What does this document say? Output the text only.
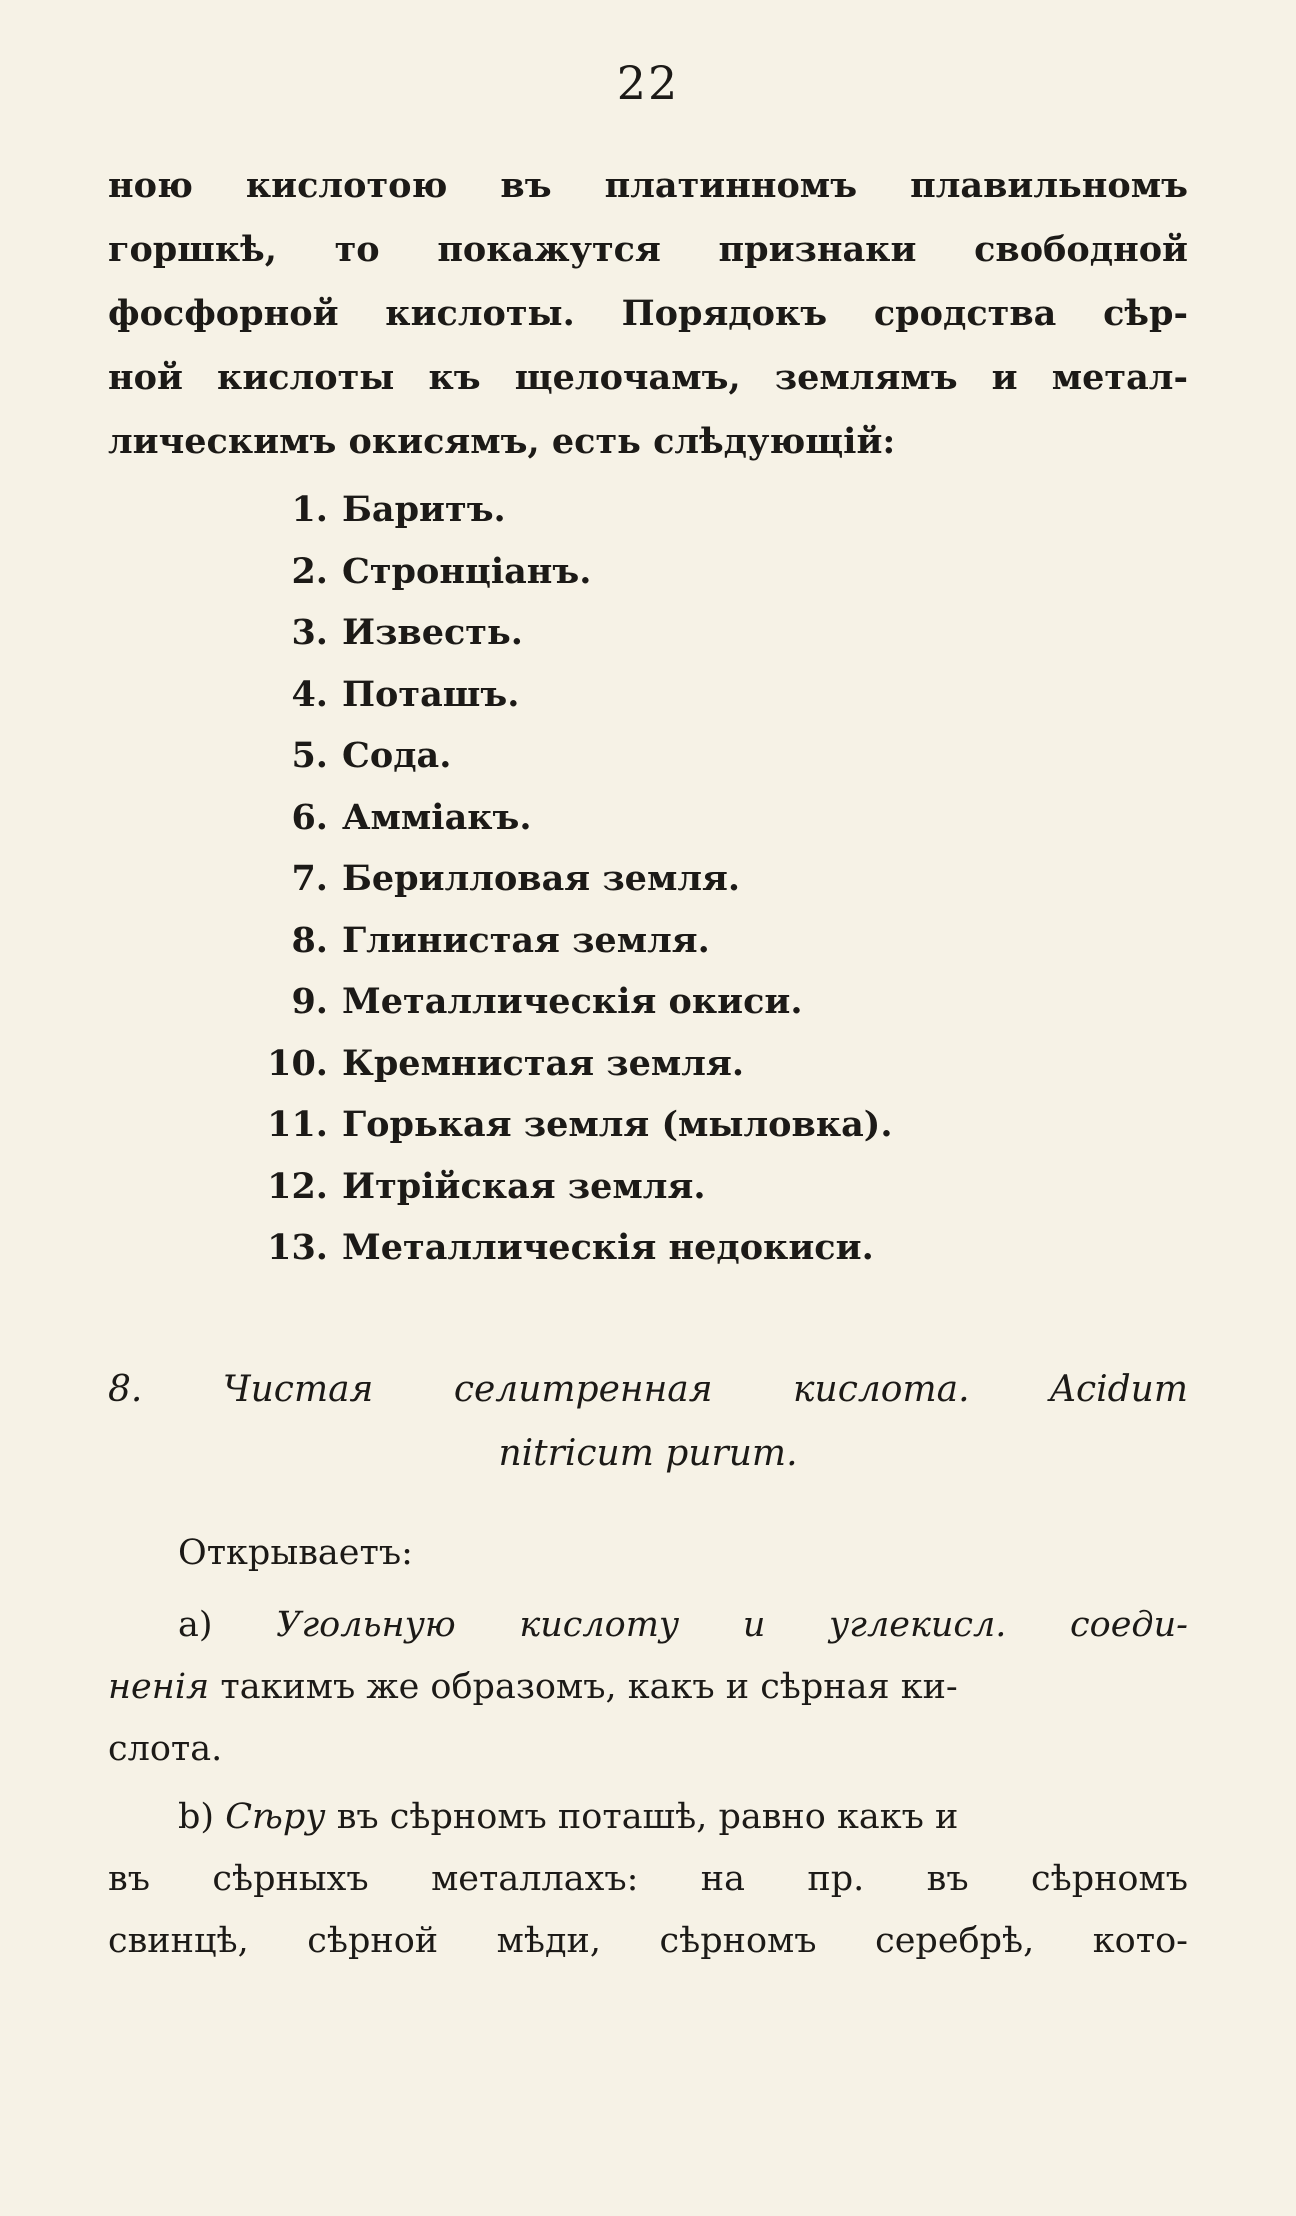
22
ною кислотою въ платинномъ плавильномъ
горшкѣ, то покажутся признаки свободной
фосфорной кислоты. Порядокъ сродства сѣр-
ной кислоты къ щелочамъ, землямъ и метал-
лическимъ окисямъ, есть слѣдующій:
1. Баритъ.
2. Стронціанъ.
3. Известь.
4. Поташъ.
5. Сода.
6. Аммiакъ.
7. Берилловая земля.
8. Глинистая земля.
9. Металлическія окиси.
10. Кремнистая земля.
11. Горькая земля (мыловка).
12. Итрійская земля.
13. Металлическія недокиси.
8. Чистая селитренная кислота. Acidum
nitricum purum.
Открываетъ:
a) Угольную кислоту и углекисл. соеди-
ненія такимъ же образомъ, какъ и сѣрная ки-
слота.
b) Сѣру въ сѣрномъ поташѣ, равно какъ и
въ сѣрныхъ металлахъ: на пр. въ сѣрномъ
свинцѣ, сѣрной мѣди, сѣрномъ серебрѣ, кото-
